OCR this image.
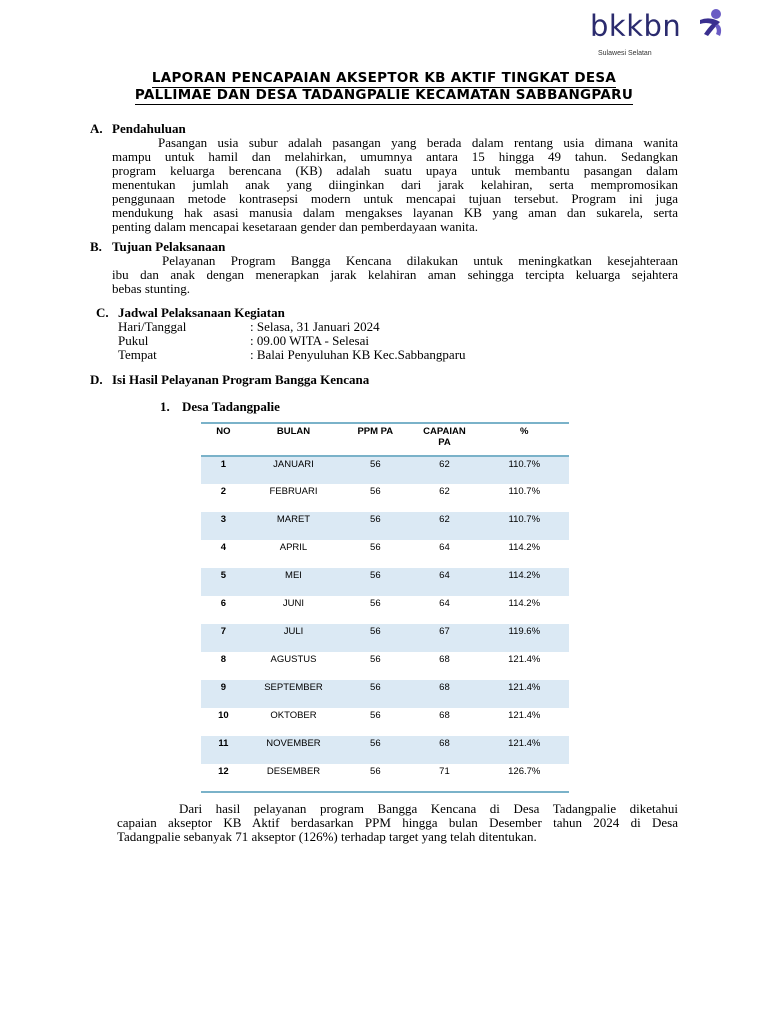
bkkbn
Sulawesi Selatan
LAPORAN PENCAPAIAN AKSEPTOR KB AKTIF TINGKAT DESA
PALLIMAE DAN DESA TADANGPALIE KECAMATAN SABBANGPARU
A. Pendahuluan
Pasangan usia subur adalah pasangan yang berada dalam rentang usia dimana wanita
mampu untuk hamil dan melahirkan, umumnya antara 15 hingga 49 tahun. Sedangkan
program keluarga berencana (KB) adalah suatu upaya untuk membantu pasangan dalam
menentukan jumlah anak yang diinginkan dari jarak kelahiran, serta mempromosikan
penggunaan metode kontrasepsi modern untuk mencapai tujuan tersebut. Program ini juga
mendukung hak asasi manusia dalam mengakses layanan KB yang aman dan sukarela, serta
penting dalam mencapai kesetaraan gender dan pemberdayaan wanita.
B. Tujuan Pelaksanaan
Pelayanan Program Bangga Kencana dilakukan untuk meningkatkan kesejahteraan
ibu dan anak dengan menerapkan jarak kelahiran aman sehingga tercipta keluarga sejahtera
bebas stunting.
C. Jadwal Pelaksanaan Kegiatan
Hari/Tanggal	: Selasa, 31 Januari 2024
Pukul	: 09.00 WITA - Selesai
Tempat	: Balai Penyuluhan KB Kec.Sabbangparu
D. Isi Hasil Pelayanan Program Bangga Kencana
1. Desa Tadangpalie
NO	BULAN	PPM PA	CAPAIAN PA	%
1	JANUARI	56	62	110.7%
2	FEBRUARI	56	62	110.7%
3	MARET	56	62	110.7%
4	APRIL	56	64	114.2%
5	MEI	56	64	114.2%
6	JUNI	56	64	114.2%
7	JULI	56	67	119.6%
8	AGUSTUS	56	68	121.4%
9	SEPTEMBER	56	68	121.4%
10	OKTOBER	56	68	121.4%
11	NOVEMBER	56	68	121.4%
12	DESEMBER	56	71	126.7%
Dari hasil pelayanan program Bangga Kencana di Desa Tadangpalie diketahui
capaian akseptor KB Aktif berdasarkan PPM hingga bulan Desember tahun 2024 di Desa
Tadangpalie sebanyak 71 akseptor (126%) terhadap target yang telah ditentukan.
